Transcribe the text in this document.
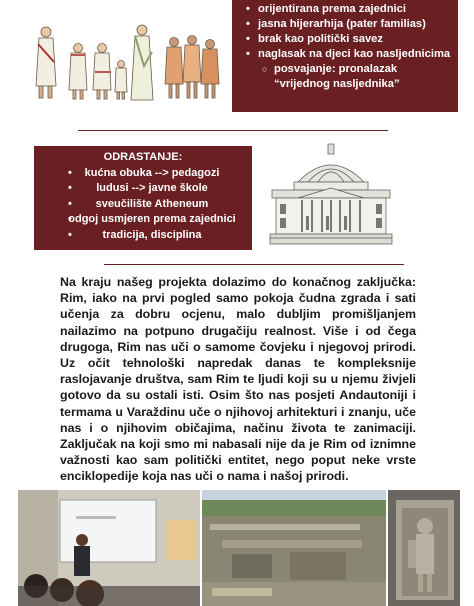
• orijentirana prema zajednici
• jasna hijerarhija (pater familias)
• brak kao politički savez
• naglasak na djeci kao nasljednicima
○ posvajanje: pronalazak
“vrijednog nasljednika”
ODRASTANJE:
• kućna obuka --> pedagozi
• ludusi --> javne škole
• sveučilište Atheneum
• odgoj usmjeren prema zajednici
• tradicija, disciplina

Na kraju našeg projekta dolazimo do konačnog zaključka: Rim, iako na prvi pogled samo pokoja čudna zgrada i sati učenja za dobru ocjenu, malo dubljim promišljanjem nailazimo na potpuno drugačiju realnost. Više i od čega drugoga, Rim nas uči o samome čovjeku i njegovoj prirodi. Uz očit tehnološki napredak danas te kompleksnije raslojavanje društva, sam Rim te ljudi koji su u njemu živjeli gotovo da su ostali isti. Osim što nas posjeti Andautoniji i termama u Varaždinu uče o njihovoj arhitekturi i znanju, uče nas i o njihovim običajima, načinu života te zanimaciji. Zaključak na koji smo mi nabasali nije da je Rim od iznimne važnosti kao sam politički entitet, nego poput neke vrste enciklopedije koja nas uči o nama i našoj prirodi.
